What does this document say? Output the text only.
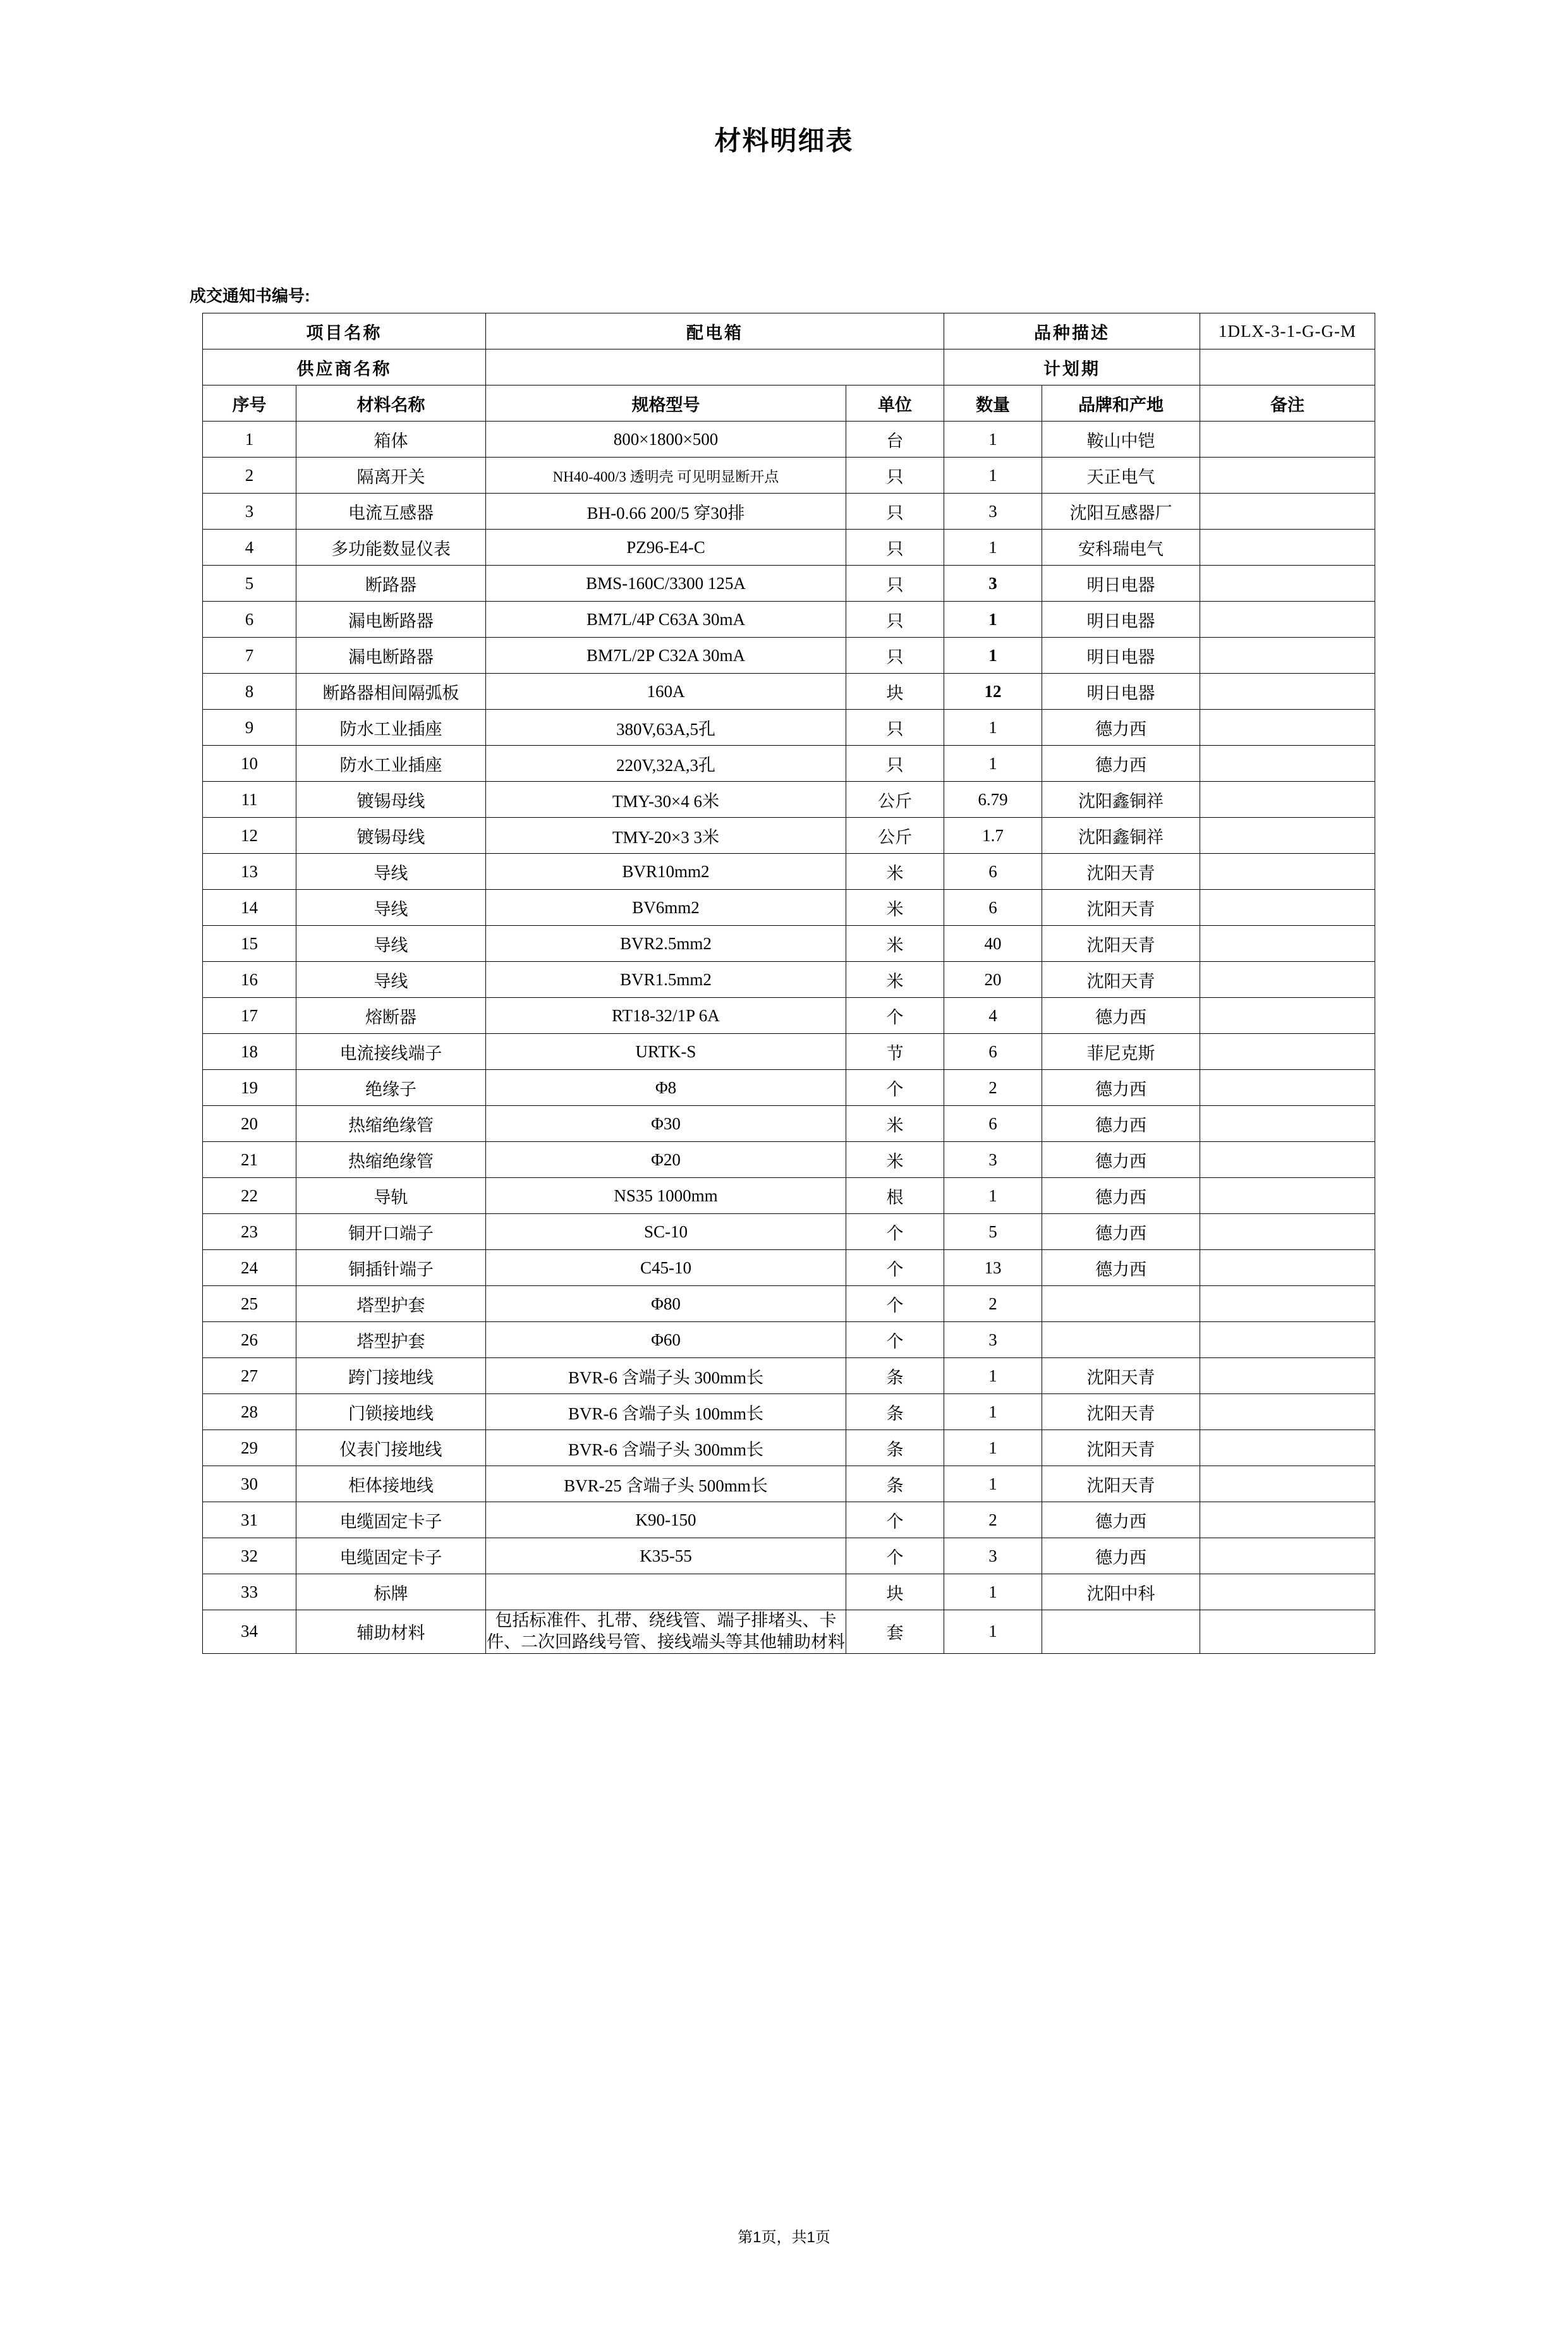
材料明细表
成交通知书编号:
项目名称		配电箱		品种描述		1DLX-3-1-G-G-M
供应商名称				计划期		
序号	材料名称	规格型号	单位	数量	品牌和产地	备注
1	箱体	800×1800×500	台	1	鞍山中铠	
2	隔离开关	NH40-400/3 透明壳 可见明显断开点	只	1	天正电气	
3	电流互感器	BH-0.66 200/5 穿30排	只	3	沈阳互感器厂	
4	多功能数显仪表	PZ96-E4-C	只	1	安科瑞电气	
5	断路器	BMS-160C/3300 125A	只	3	明日电器	
6	漏电断路器	BM7L/4P C63A 30mA	只	1	明日电器	
7	漏电断路器	BM7L/2P C32A 30mA	只	1	明日电器	
8	断路器相间隔弧板	160A	块	12	明日电器	
9	防水工业插座	380V,63A,5孔	只	1	德力西	
10	防水工业插座	220V,32A,3孔	只	1	德力西	
11	镀锡母线	TMY-30×4 6米	公斤	6.79	沈阳鑫铜祥	
12	镀锡母线	TMY-20×3 3米	公斤	1.7	沈阳鑫铜祥	
13	导线	BVR10mm2	米	6	沈阳天青	
14	导线	BV6mm2	米	6	沈阳天青	
15	导线	BVR2.5mm2	米	40	沈阳天青	
16	导线	BVR1.5mm2	米	20	沈阳天青	
17	熔断器	RT18-32/1P 6A	个	4	德力西	
18	电流接线端子	URTK-S	节	6	菲尼克斯	
19	绝缘子	Φ8	个	2	德力西	
20	热缩绝缘管	Φ30	米	6	德力西	
21	热缩绝缘管	Φ20	米	3	德力西	
22	导轨	NS35 1000mm	根	1	德力西	
23	铜开口端子	SC-10	个	5	德力西	
24	铜插针端子	C45-10	个	13	德力西	
25	塔型护套	Φ80	个	2		
26	塔型护套	Φ60	个	3		
27	跨门接地线	BVR-6 含端子头 300mm长	条	1	沈阳天青	
28	门锁接地线	BVR-6 含端子头 100mm长	条	1	沈阳天青	
29	仪表门接地线	BVR-6 含端子头 300mm长	条	1	沈阳天青	
30	柜体接地线	BVR-25 含端子头 500mm长	条	1	沈阳天青	
31	电缆固定卡子	K90-150	个	2	德力西	
32	电缆固定卡子	K35-55	个	3	德力西	
33	标牌		块	1	沈阳中科	
34	辅助材料	包括标准件、扎带、绕线管、端子排堵头、卡件、二次回路线号管、接线端头等其他辅助材料	套	1		
第1页，共1页
